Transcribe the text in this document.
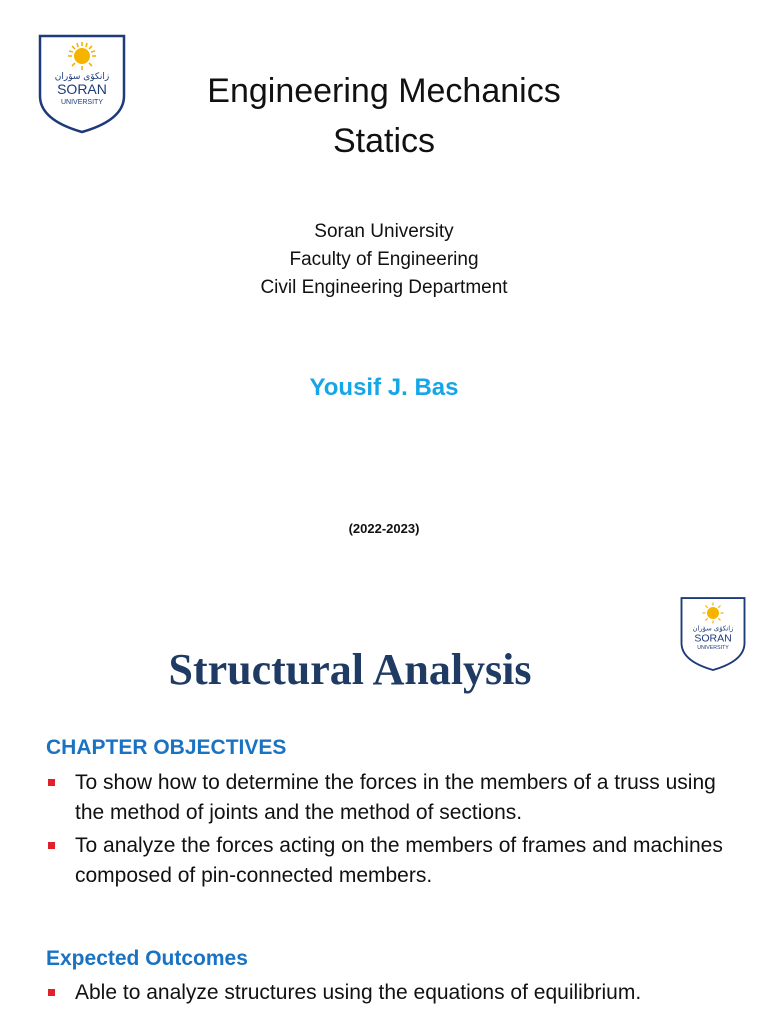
زانکۆی سۆران
SORAN
UNIVERSITY	Engineering Mechanics
Statics
Soran University
Faculty of Engineering
Civil Engineering Department
Yousif J. Bas
(2022-2023)
زانکۆی سۆران
SORAN
UNIVERSITY
Structural Analysis
CHAPTER OBJECTIVES
To show how to determine the forces in the members of a truss using the method of joints and the method of sections.
To analyze the forces acting on the members of frames and machines composed of pin-connected members.
Expected Outcomes
Able to analyze structures using the equations of equilibrium.
